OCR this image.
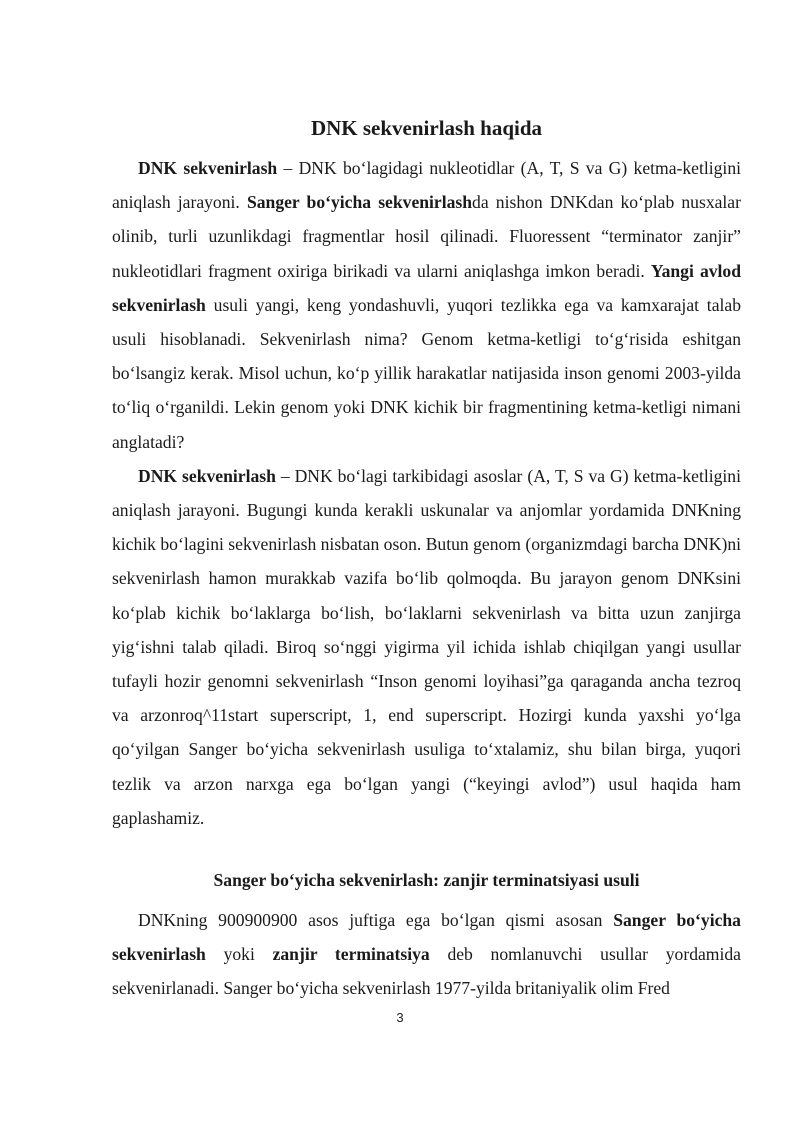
DNK sekvenirlash haqida

DNK sekvenirlash – DNK bo‘lagidagi nukleotidlar (A, T, S va G) ketma-ketligini aniqlash jarayoni. Sanger bo‘yicha sekvenirlashda nishon DNKdan ko‘plab nusxalar olinib, turli uzunlikdagi fragmentlar hosil qilinadi. Fluoressent “terminator zanjir” nukleotidlari fragment oxiriga birikadi va ularni aniqlashga imkon beradi. Yangi avlod sekvenirlash usuli yangi, keng yondashuvli, yuqori tezlikka ega va kamxarajat talab usuli hisoblanadi. Sekvenirlash nima? Genom ketma-ketligi to‘g‘risida eshitgan bo‘lsangiz kerak. Misol uchun, ko‘p yillik harakatlar natijasida inson genomi 2003-yilda to‘liq o‘rganildi. Lekin genom yoki DNK kichik bir fragmentining ketma-ketligi nimani anglatadi?

DNK sekvenirlash – DNK bo‘lagi tarkibidagi asoslar (A, T, S va G) ketma-ketligini aniqlash jarayoni. Bugungi kunda kerakli uskunalar va anjomlar yordamida DNKning kichik bo‘lagini sekvenirlash nisbatan oson. Butun genom (organizmdagi barcha DNK)ni sekvenirlash hamon murakkab vazifa bo‘lib qolmoqda. Bu jarayon genom DNKsini ko‘plab kichik bo‘laklarga bo‘lish, bo‘laklarni sekvenirlash va bitta uzun zanjirga yig‘ishni talab qiladi. Biroq so‘nggi yigirma yil ichida ishlab chiqilgan yangi usullar tufayli hozir genomni sekvenirlash “Inson genomi loyihasi”ga qaraganda ancha tezroq va arzonroq^11start superscript, 1, end superscript. Hozirgi kunda yaxshi yo‘lga qo‘yilgan Sanger bo‘yicha sekvenirlash usuliga to‘xtalamiz, shu bilan birga, yuqori tezlik va arzon narxga ega bo‘lgan yangi (“keyingi avlod”) usul haqida ham gaplashamiz.

Sanger bo‘yicha sekvenirlash: zanjir terminatsiyasi usuli

DNKning 900900900 asos juftiga ega bo‘lgan qismi asosan Sanger bo‘yicha sekvenirlash yoki zanjir terminatsiya deb nomlanuvchi usullar yordamida sekvenirlanadi. Sanger bo‘yicha sekvenirlash 1977-yilda britaniyalik olim Fred

3
